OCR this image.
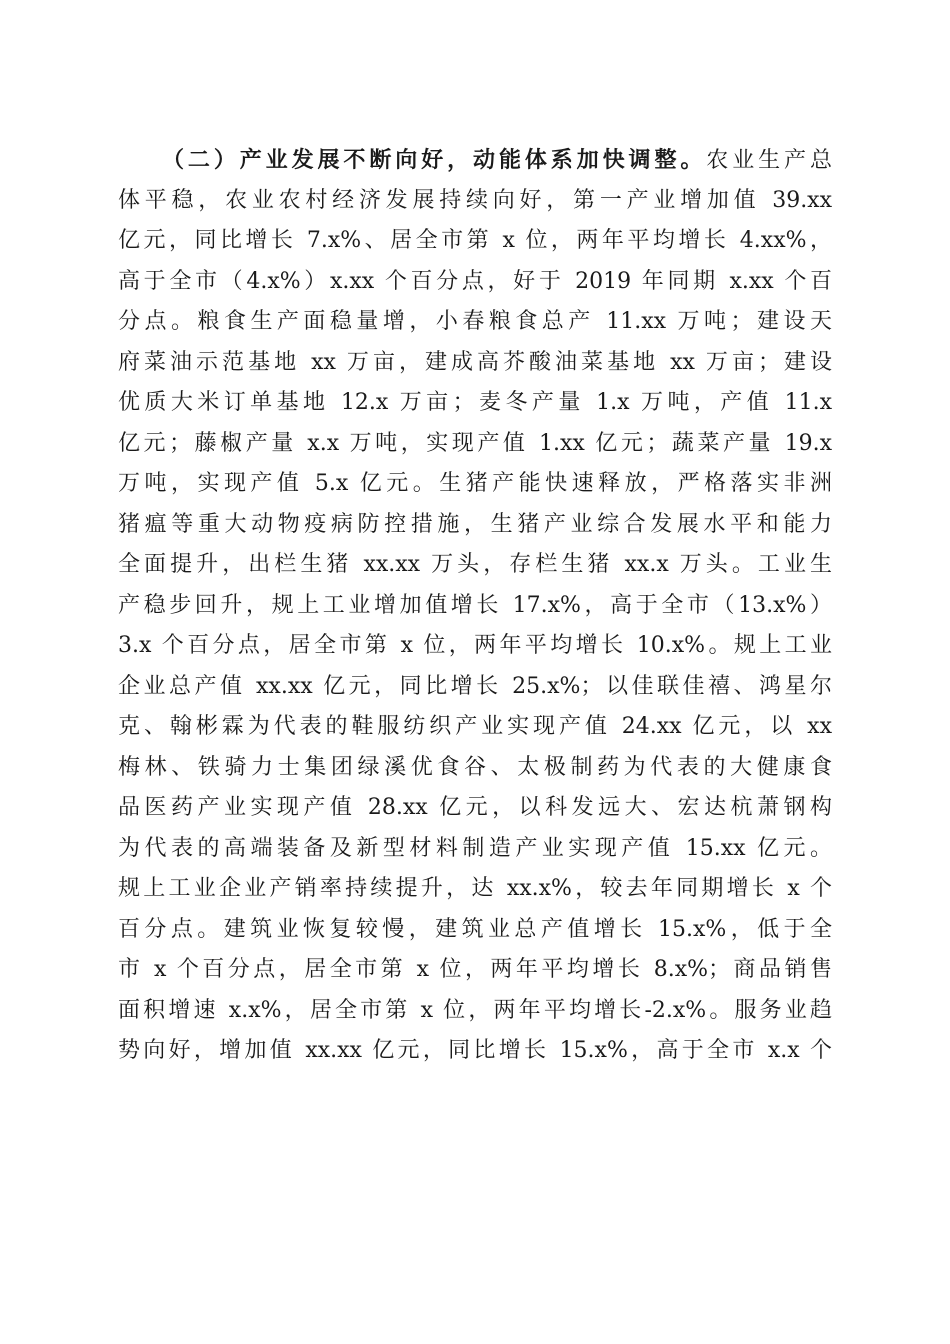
（二）产业发展不断向好，动能体系加快调整。农业生产总
体平稳，农业农村经济发展持续向好，第一产业增加值 39.xx
亿元，同比增长 7.x%、居全市第 x 位，两年平均增长 4.xx%，
高于全市（4.x%）x.xx 个百分点，好于 2019 年同期 x.xx 个百
分点。粮食生产面稳量增，小春粮食总产 11.xx 万吨；建设天
府菜油示范基地 xx 万亩，建成高芥酸油菜基地 xx 万亩；建设
优质大米订单基地 12.x 万亩；麦冬产量 1.x 万吨，产值 11.x
亿元；藤椒产量 x.x 万吨，实现产值 1.xx 亿元；蔬菜产量 19.x
万吨，实现产值 5.x 亿元。生猪产能快速释放，严格落实非洲
猪瘟等重大动物疫病防控措施，生猪产业综合发展水平和能力
全面提升，出栏生猪 xx.xx 万头，存栏生猪 xx.x 万头。工业生
产稳步回升，规上工业增加值增长 17.x%，高于全市（13.x%）
3.x 个百分点，居全市第 x 位，两年平均增长 10.x%。规上工业
企业总产值 xx.xx 亿元，同比增长 25.x%；以佳联佳禧、鸿星尔
克、翰彬霖为代表的鞋服纺织产业实现产值 24.xx 亿元，以 xx
梅林、铁骑力士集团绿溪优食谷、太极制药为代表的大健康食
品医药产业实现产值 28.xx 亿元，以科发远大、宏达杭萧钢构
为代表的高端装备及新型材料制造产业实现产值 15.xx 亿元。
规上工业企业产销率持续提升，达 xx.x%，较去年同期增长 x 个
百分点。建筑业恢复较慢，建筑业总产值增长 15.x%，低于全
市 x 个百分点，居全市第 x 位，两年平均增长 8.x%；商品销售
面积增速 x.x%，居全市第 x 位，两年平均增长-2.x%。服务业趋
势向好，增加值 xx.xx 亿元，同比增长 15.x%，高于全市 x.x 个
